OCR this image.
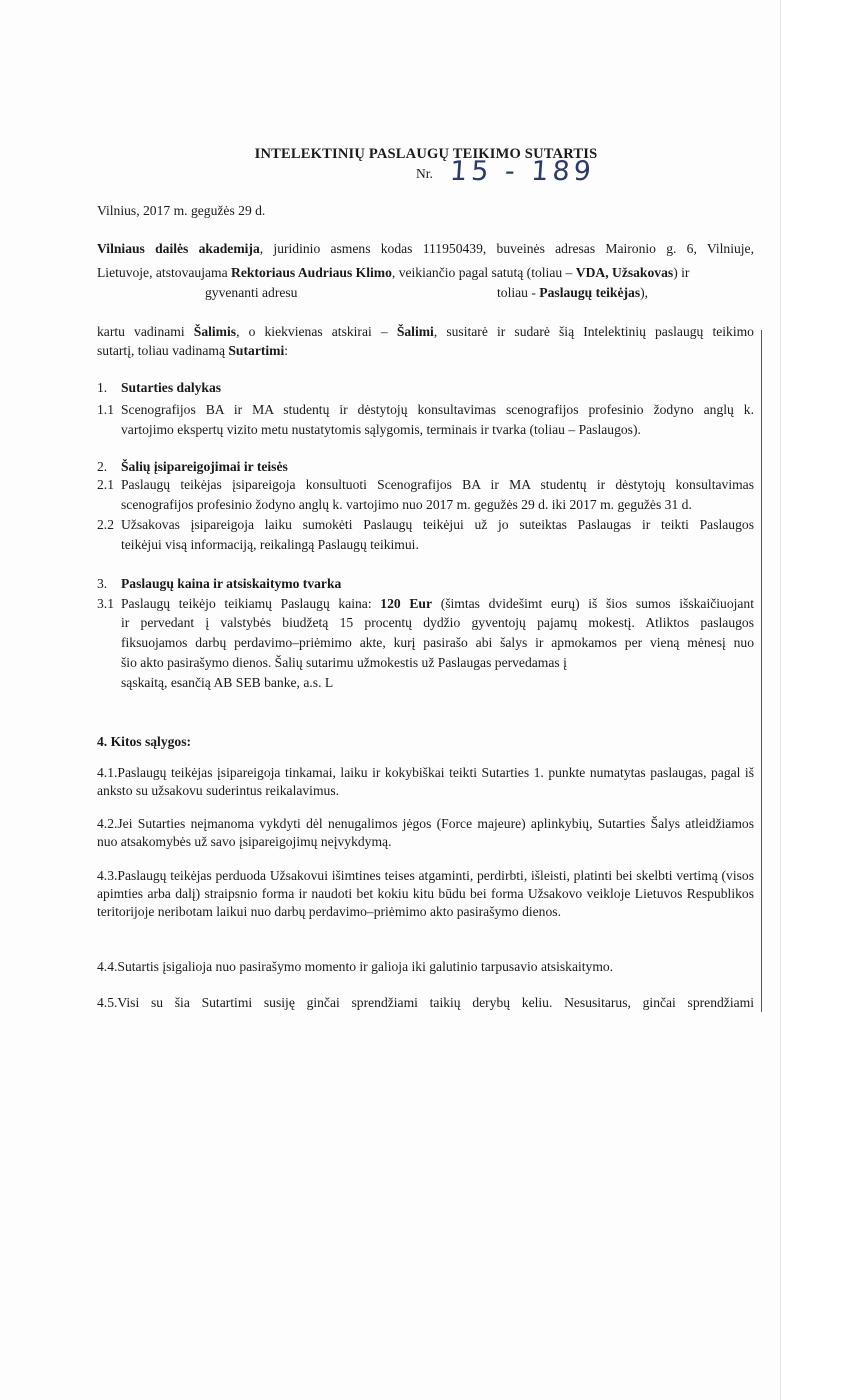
INTELEKTINIŲ PASLAUGŲ TEIKIMO SUTARTIS
Nr. 15 - 189
Vilnius, 2017 m. gegužės 29 d.
Vilniaus dailės akademija, juridinio asmens kodas 111950439, buveinės adresas Maironio g. 6, Vilniuje,
Lietuvoje, atstovaujama Rektoriaus Audriaus Klimo, veikiančio pagal satutą (toliau – VDA, Užsakovas) ir
gyvenanti adresu	toliau - Paslaugų teikėjas),
kartu vadinami Šalimis, o kiekvienas atskirai – Šalimi, susitarė ir sudarė šią Intelektinių paslaugų teikimo
sutartį, toliau vadinamą Sutartimi:
1. Sutarties dalykas
1.1 Scenografijos BA ir MA studentų ir dėstytojų konsultavimas scenografijos profesinio žodyno anglų k.
vartojimo ekspertų vizito metu nustatytomis sąlygomis, terminais ir tvarka (toliau – Paslaugos).
2. Šalių įsipareigojimai ir teisės
2.1 Paslaugų teikėjas įsipareigoja konsultuoti Scenografijos BA ir MA studentų ir dėstytojų konsultavimas
scenografijos profesinio žodyno anglų k. vartojimo nuo 2017 m. gegužės 29 d. iki 2017 m. gegužės 31 d.
2.2 Užsakovas įsipareigoja laiku sumokėti Paslaugų teikėjui už jo suteiktas Paslaugas ir teikti Paslaugos
teikėjui visą informaciją, reikalingą Paslaugų teikimui.
3. Paslaugų kaina ir atsiskaitymo tvarka
3.1 Paslaugų teikėjo teikiamų Paslaugų kaina: 120 Eur (šimtas dvidešimt eurų) iš šios sumos išskaičiuojant
ir pervedant į valstybės biudžetą 15 procentų dydžio gyventojų pajamų mokestį. Atliktos paslaugos
fiksuojamos darbų perdavimo–priėmimo akte, kurį pasirašo abi šalys ir apmokamos per vieną mėnesį nuo
šio akto pasirašymo dienos. Šalių sutarimu užmokestis už Paslaugas pervedamas į
sąskaitą, esančią AB SEB banke, a.s. L
4. Kitos sąlygos:
4.1.Paslaugų teikėjas įsipareigoja tinkamai, laiku ir kokybiškai teikti Sutarties 1. punkte numatytas paslaugas, pagal iš anksto su užsakovu suderintus reikalavimus.
4.2.Jei Sutarties neįmanoma vykdyti dėl nenugalimos jėgos (Force majeure) aplinkybių, Sutarties Šalys atleidžiamos nuo atsakomybės už savo įsipareigojimų neįvykdymą.
4.3.Paslaugų teikėjas perduoda Užsakovui išimtines teises atgaminti, perdirbti, išleisti, platinti bei skelbti vertimą (visos apimties arba dalį) straipsnio forma ir naudoti bet kokiu kitu būdu bei forma Užsakovo veikloje Lietuvos Respublikos teritorijoje neribotam laikui nuo darbų perdavimo–priėmimo akto pasirašymo dienos.
4.4.Sutartis įsigalioja nuo pasirašymo momento ir galioja iki galutinio tarpusavio atsiskaitymo.
4.5.Visi su šia Sutartimi susiję ginčai sprendžiami taikių derybų keliu. Nesusitarus, ginčai sprendžiami
